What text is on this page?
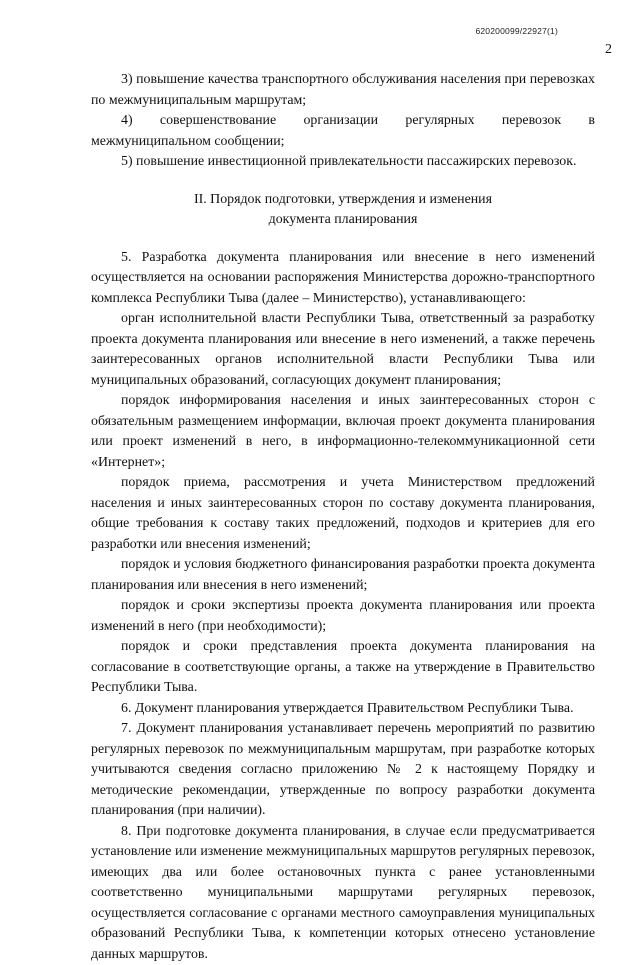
620200099/22927(1)
2

3) повышение качества транспортного обслуживания населения при перевозках по межмуниципальным маршрутам;

4) совершенствование организации регулярных перевозок в межмуниципальном сообщении;

5) повышение инвестиционной привлекательности пассажирских перевозок.

II. Порядок подготовки, утверждения и изменения
документа планирования

5. Разработка документа планирования или внесение в него изменений осуществляется на основании распоряжения Министерства дорожно-транспортного комплекса Республики Тыва (далее – Министерство), устанавливающего:

орган исполнительной власти Республики Тыва, ответственный за разработку проекта документа планирования или внесение в него изменений, а также перечень заинтересованных органов исполнительной власти Республики Тыва или муниципальных образований, согласующих документ планирования;

порядок информирования населения и иных заинтересованных сторон с обязательным размещением информации, включая проект документа планирования или проект изменений в него, в информационно-телекоммуникационной сети «Интернет»;

порядок приема, рассмотрения и учета Министерством предложений населения и иных заинтересованных сторон по составу документа планирования, общие требования к составу таких предложений, подходов и критериев для его разработки или внесения изменений;

порядок и условия бюджетного финансирования разработки проекта документа планирования или внесения в него изменений;

порядок и сроки экспертизы проекта документа планирования или проекта изменений в него (при необходимости);

порядок и сроки представления проекта документа планирования на согласование в соответствующие органы, а также на утверждение в Правительство Республики Тыва.

6. Документ планирования утверждается Правительством Республики Тыва.

7. Документ планирования устанавливает перечень мероприятий по развитию регулярных перевозок по межмуниципальным маршрутам, при разработке которых учитываются сведения согласно приложению № 2 к настоящему Порядку и методические рекомендации, утвержденные по вопросу разработки документа планирования (при наличии).

8. При подготовке документа планирования, в случае если предусматривается установление или изменение межмуниципальных маршрутов регулярных перевозок, имеющих два или более остановочных пункта с ранее установленными соответственно муниципальными маршрутами регулярных перевозок, осуществляется согласование с органами местного самоуправления муниципальных образований Республики Тыва, к компетенции которых отнесено установление данных маршрутов.
